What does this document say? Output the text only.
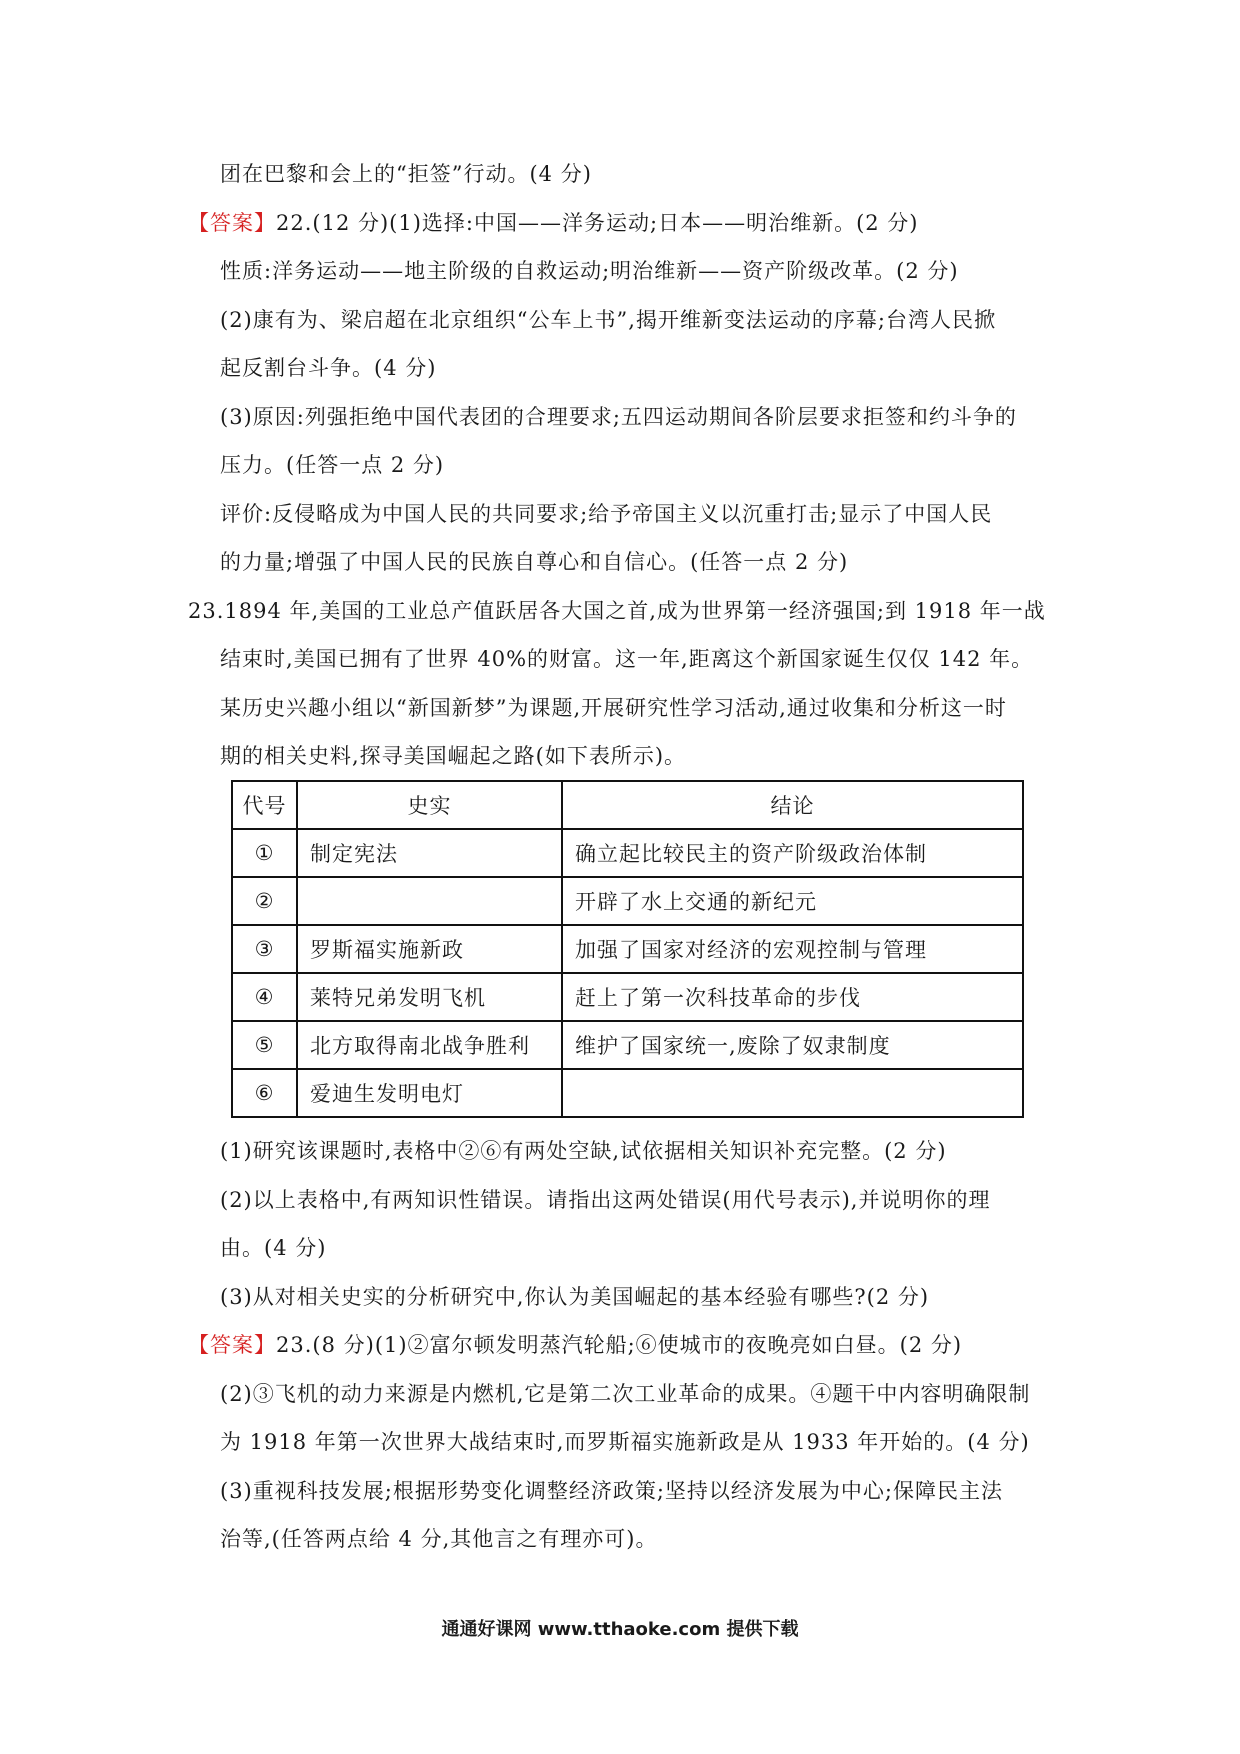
团在巴黎和会上的“拒签”行动。(4 分)
【答案】22.(12 分)(1)选择:中国——洋务运动;日本——明治维新。(2 分)
性质:洋务运动——地主阶级的自救运动;明治维新——资产阶级改革。(2 分)
(2)康有为、梁启超在北京组织“公车上书”,揭开维新变法运动的序幕;台湾人民掀
起反割台斗争。(4 分)
(3)原因:列强拒绝中国代表团的合理要求;五四运动期间各阶层要求拒签和约斗争的
压力。(任答一点 2 分)
评价:反侵略成为中国人民的共同要求;给予帝国主义以沉重打击;显示了中国人民
的力量;增强了中国人民的民族自尊心和自信心。(任答一点 2 分)
23.1894 年,美国的工业总产值跃居各大国之首,成为世界第一经济强国;到 1918 年一战
结束时,美国已拥有了世界 40%的财富。这一年,距离这个新国家诞生仅仅 142 年。
某历史兴趣小组以“新国新梦”为课题,开展研究性学习活动,通过收集和分析这一时
期的相关史料,探寻美国崛起之路(如下表所示)。
代号	史实	结论
①	制定宪法	确立起比较民主的资产阶级政治体制
②		开辟了水上交通的新纪元
③	罗斯福实施新政	加强了国家对经济的宏观控制与管理
④	莱特兄弟发明飞机	赶上了第一次科技革命的步伐
⑤	北方取得南北战争胜利	维护了国家统一,废除了奴隶制度
⑥	爱迪生发明电灯	
(1)研究该课题时,表格中②⑥有两处空缺,试依据相关知识补充完整。(2 分)
(2)以上表格中,有两知识性错误。请指出这两处错误(用代号表示),并说明你的理
由。(4 分)
(3)从对相关史实的分析研究中,你认为美国崛起的基本经验有哪些?(2 分)
【答案】23.(8 分)(1)②富尔顿发明蒸汽轮船;⑥使城市的夜晚亮如白昼。(2 分)
(2)③飞机的动力来源是内燃机,它是第二次工业革命的成果。④题干中内容明确限制
为 1918 年第一次世界大战结束时,而罗斯福实施新政是从 1933 年开始的。(4 分)
(3)重视科技发展;根据形势变化调整经济政策;坚持以经济发展为中心;保障民主法
治等,(任答两点给 4 分,其他言之有理亦可)。
通通好课网 www.tthaoke.com 提供下载
